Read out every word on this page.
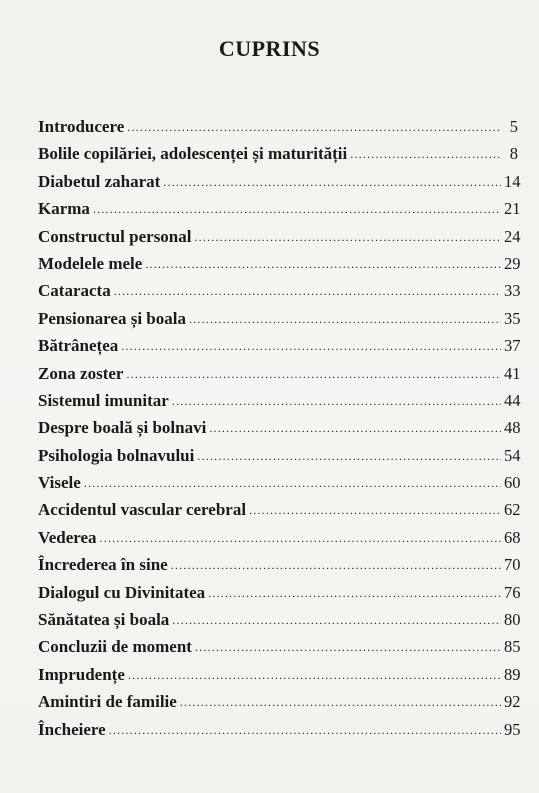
CUPRINS
Introducere .....	5
Bolile copilăriei, adolescenței și maturității .....	8
Diabetul zaharat .....	14
Karma .....	21
Constructul personal .....	24
Modelele mele .....	29
Cataracta .....	33
Pensionarea și boala .....	35
Bătrânețea .....	37
Zona zoster .....	41
Sistemul imunitar .....	44
Despre boală și bolnavi .....	48
Psihologia bolnavului .....	54
Visele .....	60
Accidentul vascular cerebral .....	62
Vederea .....	68
Încrederea în sine .....	70
Dialogul cu Divinitatea .....	76
Sănătatea și boala .....	80
Concluzii de moment .....	85
Imprudențe .....	89
Amintiri de familie .....	92
Încheiere .....	95
